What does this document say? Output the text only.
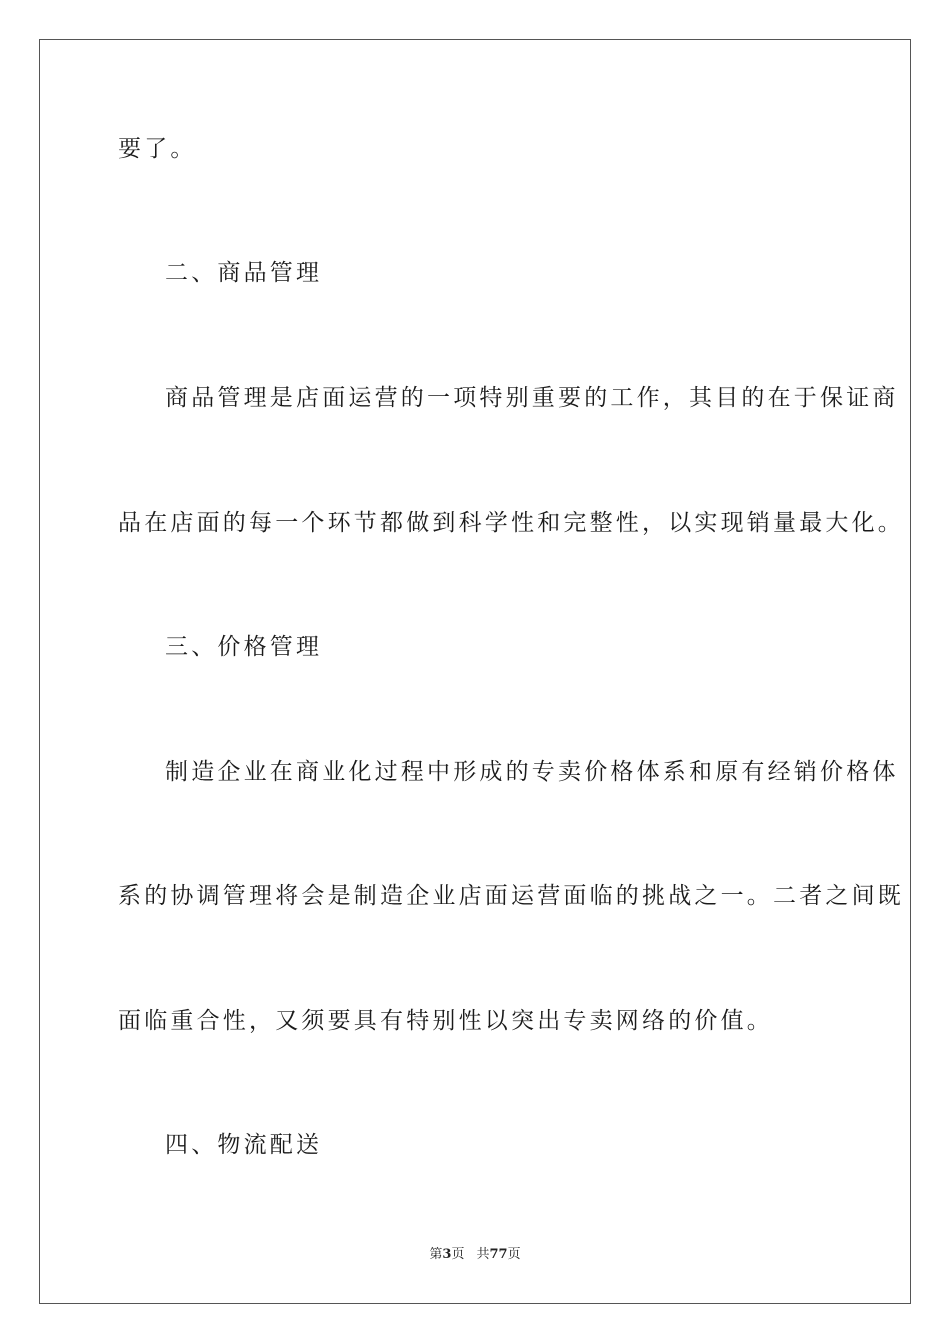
要了。
二、商品管理
商品管理是店面运营的一项特别重要的工作，其目的在于保证商
品在店面的每一个环节都做到科学性和完整性，以实现销量最大化。
三、价格管理
制造企业在商业化过程中形成的专卖价格体系和原有经销价格体
系的协调管理将会是制造企业店面运营面临的挑战之一。二者之间既
面临重合性，又须要具有特别性以突出专卖网络的价值。
四、物流配送
第3页 共77页
